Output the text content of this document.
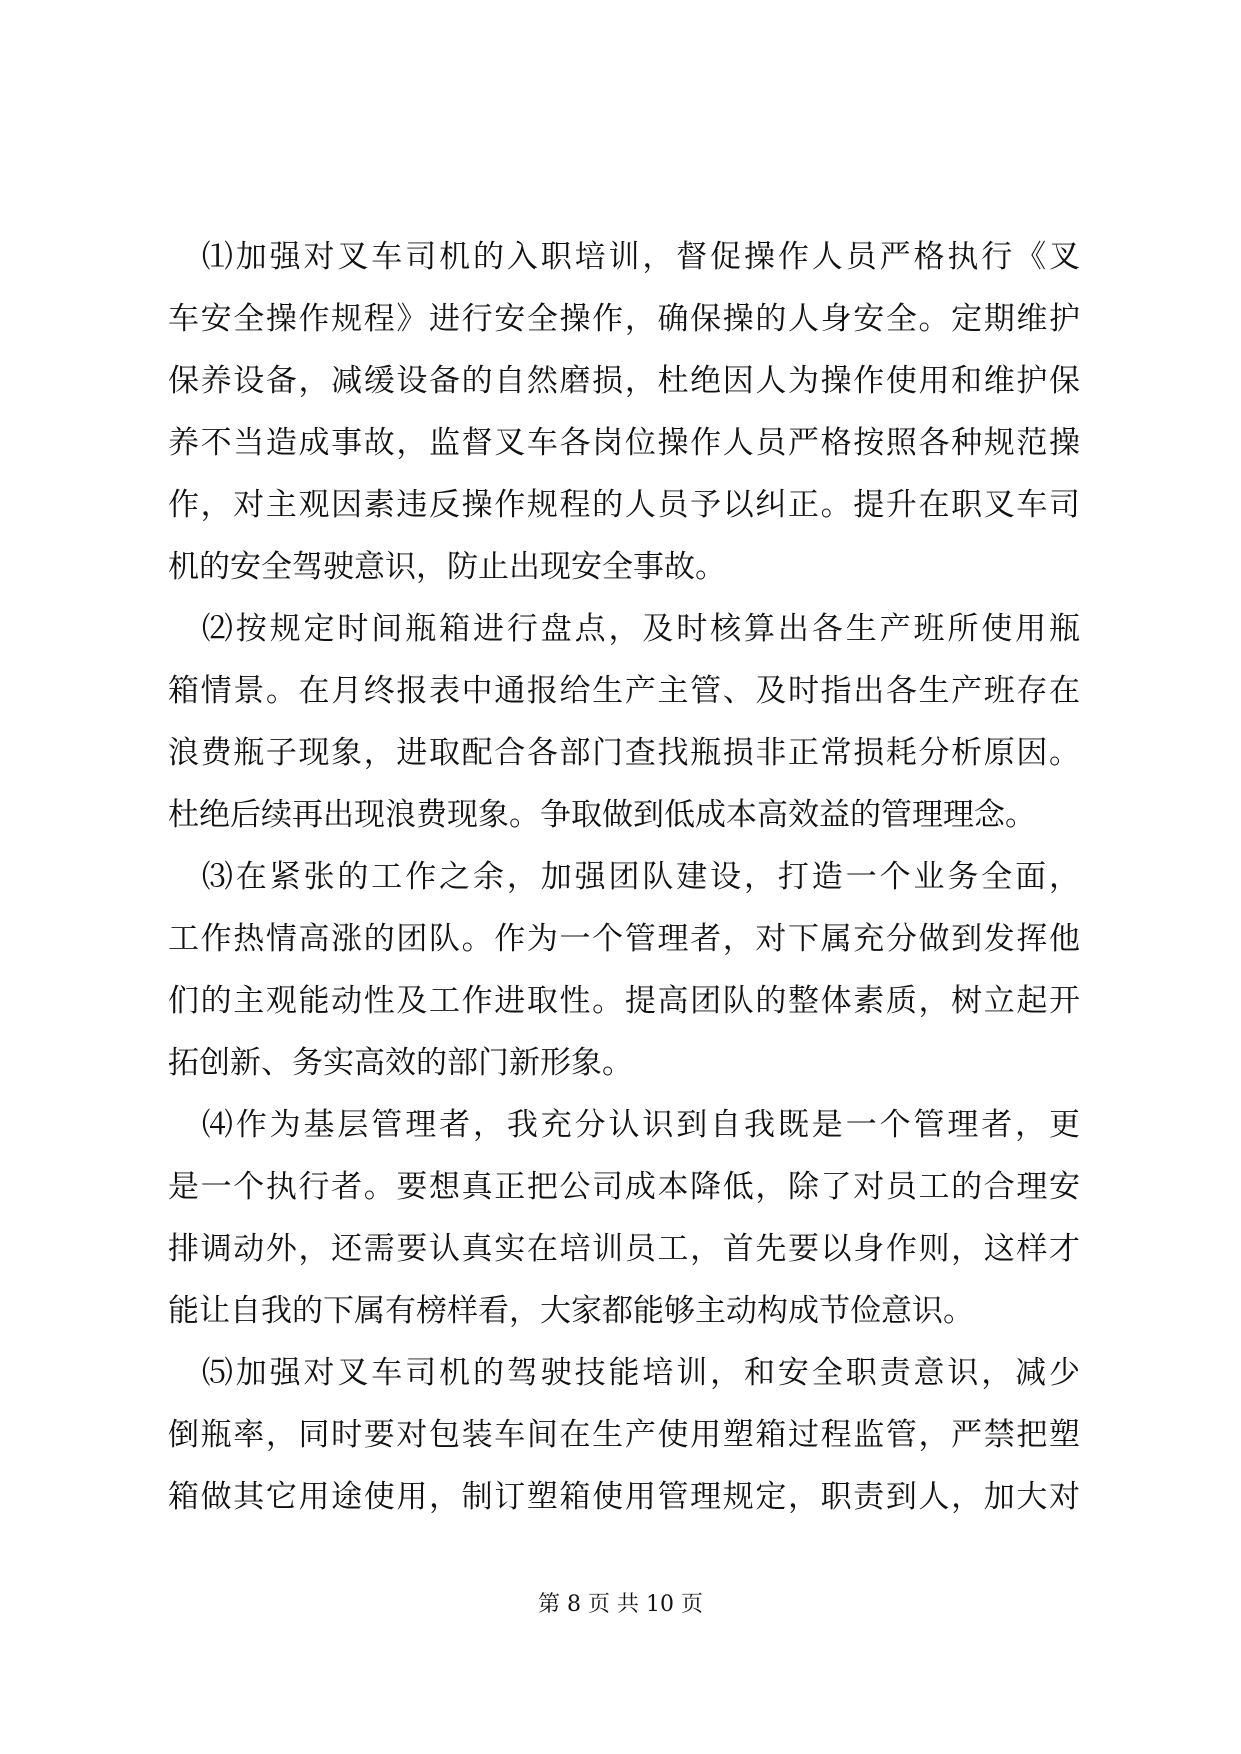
　⑴加强对叉车司机的入职培训，督促操作人员严格执行《叉
车安全操作规程》进行安全操作，确保操的人身安全。定期维护
保养设备，减缓设备的自然磨损，杜绝因人为操作使用和维护保
养不当造成事故，监督叉车各岗位操作人员严格按照各种规范操
作，对主观因素违反操作规程的人员予以纠正。提升在职叉车司
机的安全驾驶意识，防止出现安全事故。
　⑵按规定时间瓶箱进行盘点，及时核算出各生产班所使用瓶
箱情景。在月终报表中通报给生产主管、及时指出各生产班存在
浪费瓶子现象，进取配合各部门查找瓶损非正常损耗分析原因。
杜绝后续再出现浪费现象。争取做到低成本高效益的管理理念。
　⑶在紧张的工作之余，加强团队建设，打造一个业务全面，
工作热情高涨的团队。作为一个管理者，对下属充分做到发挥他
们的主观能动性及工作进取性。提高团队的整体素质，树立起开
拓创新、务实高效的部门新形象。
　⑷作为基层管理者，我充分认识到自我既是一个管理者，更
是一个执行者。要想真正把公司成本降低，除了对员工的合理安
排调动外，还需要认真实在培训员工，首先要以身作则，这样才
能让自我的下属有榜样看，大家都能够主动构成节俭意识。
　⑸加强对叉车司机的驾驶技能培训，和安全职责意识，减少
倒瓶率，同时要对包装车间在生产使用塑箱过程监管，严禁把塑
箱做其它用途使用，制订塑箱使用管理规定，职责到人，加大对
第 8 页 共 10 页
